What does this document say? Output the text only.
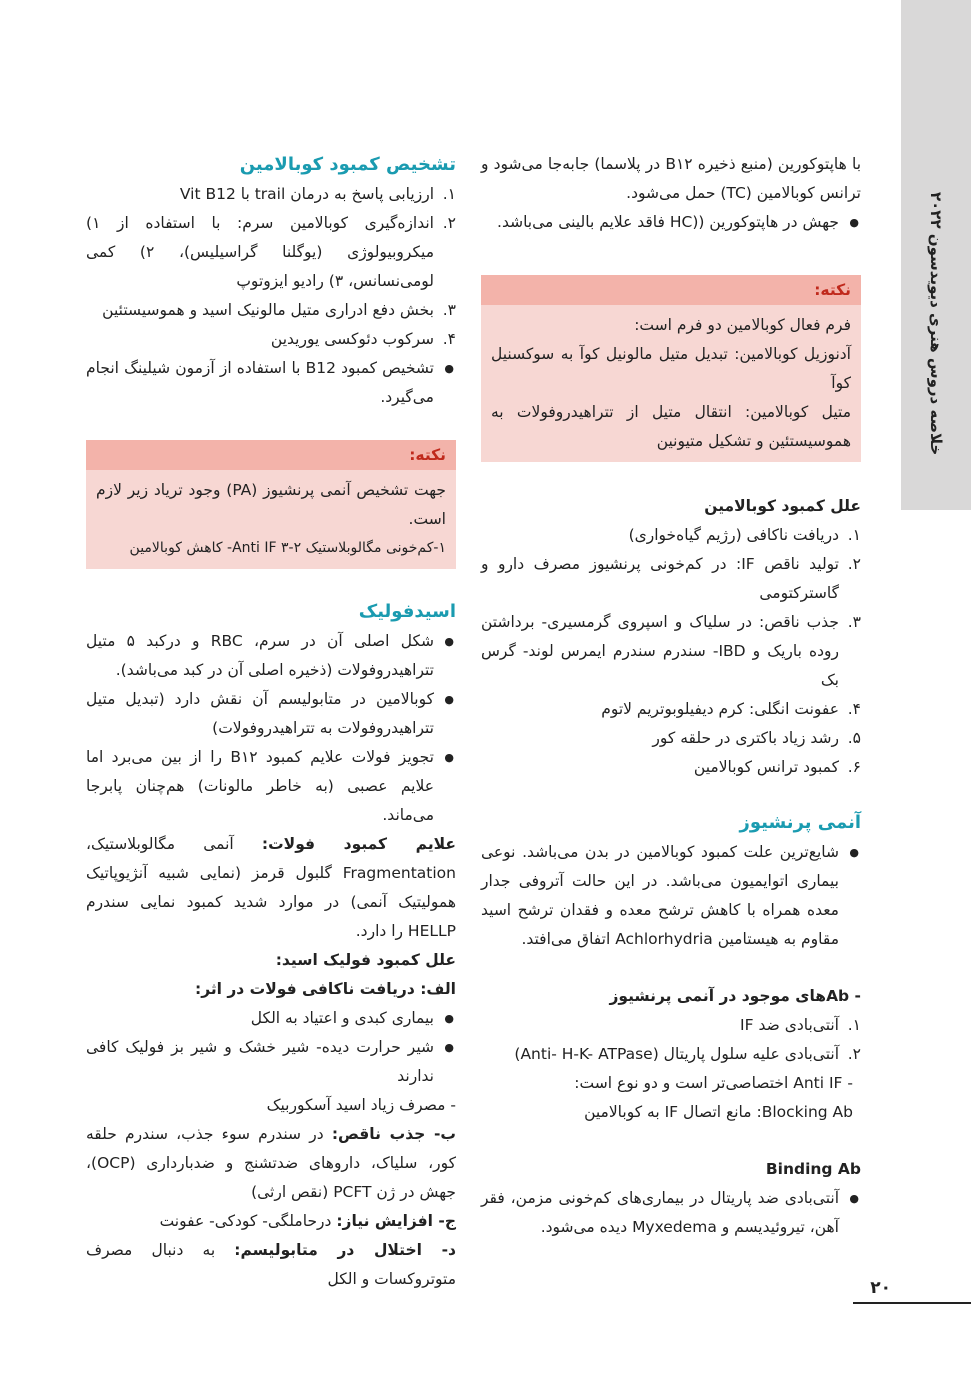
خلاصه دروس هنری دیویدسون ۲۰۲۲

با هاپتوکورین (منبع ذخیره B۱۲ در پلاسما) جابه‌جا می‌شود و ترانس کوبالامین (TC) حمل می‌شود.

● جهش در هاپتوکورین ((HC فاقد علایم بالینی می‌باشد.
نکته:

فرم فعال کوبالامین دو فرم است:

آدنوزیل کوبالامین: تبدیل متیل مالونیل کوآ به سوکسنیل کوآ

متیل کوبالامین: انتقال متیل از تتراهیدروفولات به هموسیستئین و تشکیل متیونین

علل کمبود کوبالامین
۱.
دریافت ناکافی (رژیم گیاه‌خواری)
۲.
تولید ناقص IF: در کم‌خونی پرنشیوز مصرف دارو و گاسترکتومی
۳.
جذب ناقص: در سلیاک و اسپروی گرمسیری- برداشتن روده باریک و IBD- سندرم سندرم ایمرس لوند- گرس بک
۴.
عفونت انگلی: کرم دیفیلوبوتریم لاتوم
۵.
رشد زیاد باکتری در حلقه کور
۶.
کمبود ترانس کوبالامین
آنمی پرنشیوز
● شایع‌ترین علت کمبود کوبالامین در بدن می‌باشد. نوعی بیماری اتوایمیون می‌باشد. در این حالت آتروفی جدار معده همراه با کاهش ترشح معده و فقدان ترشح اسید مقاوم به هیستامین Achlorhydria اتفاق می‌افتد.
- Abهای موجود در آنمی پرنشیوز
۱.
آنتی‌بادی ضد IF
۲.
آنتی‌بادی علیه سلول پاریتال (Anti- H-K- ATPase)

- Anti IF اختصاصی‌تر است و دو نوع است:

Blocking Ab: مانع اتصال IF به کوبالامین

Binding Ab
● آنتی‌بادی ضد پاریتال در بیماری‌های کم‌خونی مزمن، فقر آهن، تیروئیدیسم و Myxedema دیده می‌شود.
تشخیص کمبود کوبالامین
۱.
ارزیابی پاسخ به درمان trail با Vit B12
۲.
اندازه‌گیری کوبالامین سرم: با استفاده از ۱) میکروبیولوژی (یوگلنا گراسیلیس)، ۲) کمی لومی‌نسانس، ۳) رادیو ایزوتوپ
۳.
بخش دفع ادراری متیل مالونیک اسید و هموسیستئین
۴.
سرکوب دئوکسی یوریدین
● تشخیص کمبود B12 با استفاده از آزمون شیلینگ انجام می‌گیرد.
نکته:

جهت تشخیص آنمی پرنشیوز (PA) وجود تریاد زیر لازم است.

۱-کم‌خونی مگالوبلاستیک ۲-Anti IF ۳- کاهش کوبالامین

اسیدفولیک
● شکل اصلی آن در سرم، RBC و درکبد ۵ متیل تتراهیدروفولات (ذخیره اصلی آن در کبد می‌باشد).
● کوبالامین در متابولیسم آن نقش دارد (تبدیل متیل تتراهیدروفولات به تتراهیدروفولات)
● تجویز فولات علایم کمبود B۱۲ را از بین می‌برد اما علایم عصبی (به خاطر مالونات) هم‌چنان پابرجا می‌ماند.

علایم کمبود فولات: آنمی مگالوبلاستیک، Fragmentation گلبول قرمز (نمایی شبیه آنژیوپاتیک همولیتیک آنمی) در موارد شدید کمبود نمایی سندرم HELLP را دارد.

علل کمبود فولیک اسید:

الف: دریافت ناکافی فولات در اثر:

● بیماری کبدی و اعتیاد به الکل
● شیر حرارت دیده- شیر خشک و شیر بز فولیک کافی ندارند

- مصرف زیاد اسید آسکوربیک

ب- جذب ناقص: در سندرم سوء جذب، سندرم حلقه کور، سلیاک، داروهای ضدتشنج و ضدبارداری (OCP)، جهش در ژن PCFT (نقص ارثی)

ج- افزایش نیاز: درحاملگی- کودکی- عفونت

د- اختلال در متابولیسم: به دنبال مصرف متوتروکسات و الکل	۲۰
